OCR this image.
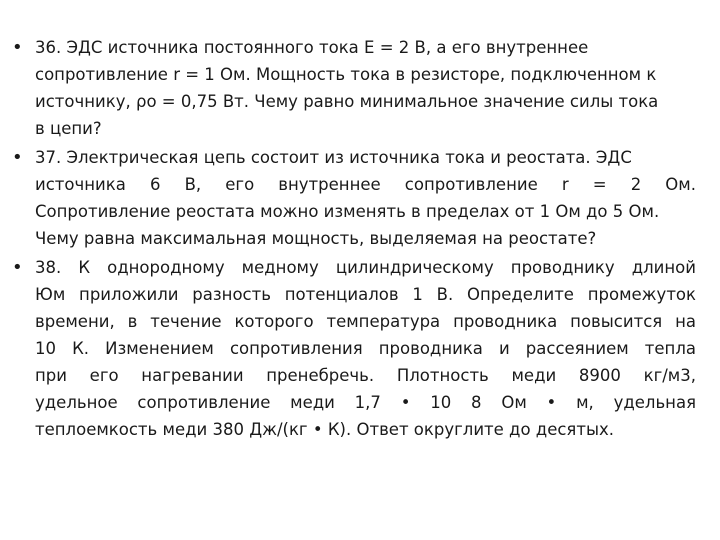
• 36. ЭДС источника постоянного тока E = 2 В, а его внутреннее
сопротивление r = 1 Ом. Мощность тока в резисторе, подключенном к
источнику, ρо = 0,75 Вт. Чему равно минимальное значение силы тока
в цепи?
• 37. Электрическая цепь состоит из источника тока и реостата. ЭДС
источника 6 В, его внутреннее сопротивление r = 2 Ом.
Сопротивление реостата можно изменять в пределах от 1 Ом до 5 Ом.
Чему равна максимальная мощность, выделяемая на реостате?
• 38. К однородному медному цилиндрическому проводнику длиной
Юм приложили разность потенциалов 1 В. Определите промежуток
времени, в течение которого температура проводника повысится на
10 К. Изменением сопротивления проводника и рассеянием тепла
при его нагревании пренебречь. Плотность меди 8900 кг/м3,
удельное сопротивление меди 1,7 • 10 8 Ом • м, удельная
теплоемкость меди 380 Дж/(кг • К). Ответ округлите до десятых.
